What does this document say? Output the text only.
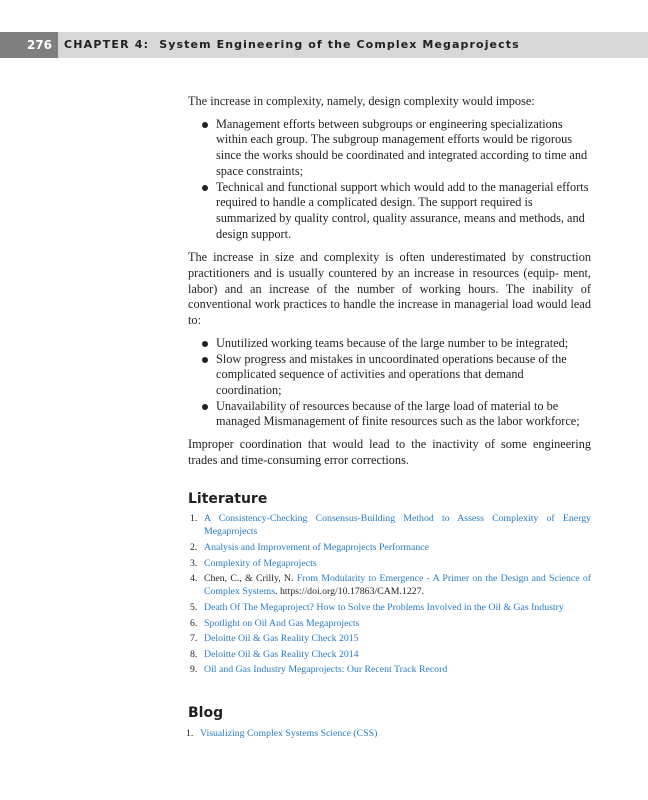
276	CHAPTER 4: System Engineering of the Complex Megaprojects

The increase in complexity, namely, design complexity would impose:

Management efforts between subgroups or engineering specializations within each group. The subgroup management efforts would be rigorous since the works should be coordinated and integrated according to time and space constraints;
Technical and functional support which would add to the managerial efforts required to handle a complicated design. The support required is summarized by quality control, quality assurance, means and methods, and design support.

The increase in size and complexity is often underestimated by construction practitioners and is usually countered by an increase in resources (equip- ment, labor) and an increase of the number of working hours. The inability of conventional work practices to handle the increase in managerial load would lead to:

Unutilized working teams because of the large number to be integrated;
Slow progress and mistakes in uncoordinated operations because of the complicated sequence of activities and operations that demand coordination;
Unavailability of resources because of the large load of material to be managed Mismanagement of finite resources such as the labor workforce;

Improper coordination that would lead to the inactivity of some engineering trades and time-consuming error corrections.

Literature
1. A Consistency-Checking Consensus-Building Method to Assess Complexity of Energy Megaprojects
2. Analysis and Improvement of Megaprojects Performance
3. Complexity of Megaprojects
4. Chen, C., & Crilly, N. From Modularity to Emergence - A Primer on the Design and Science of Complex Systems. https://doi.org/10.17863/CAM.1227.
5. Death Of The Megaproject? How to Solve the Problems Involved in the Oil & Gas Industry
6. Spotlight on Oil And Gas Megaprojects
7. Deloitte Oil & Gas Reality Check 2015
8. Deloitte Oil & Gas Reality Check 2014
9. Oil and Gas Industry Megaprojects: Our Recent Track Record
Blog
1. Visualizing Complex Systems Science (CSS)
